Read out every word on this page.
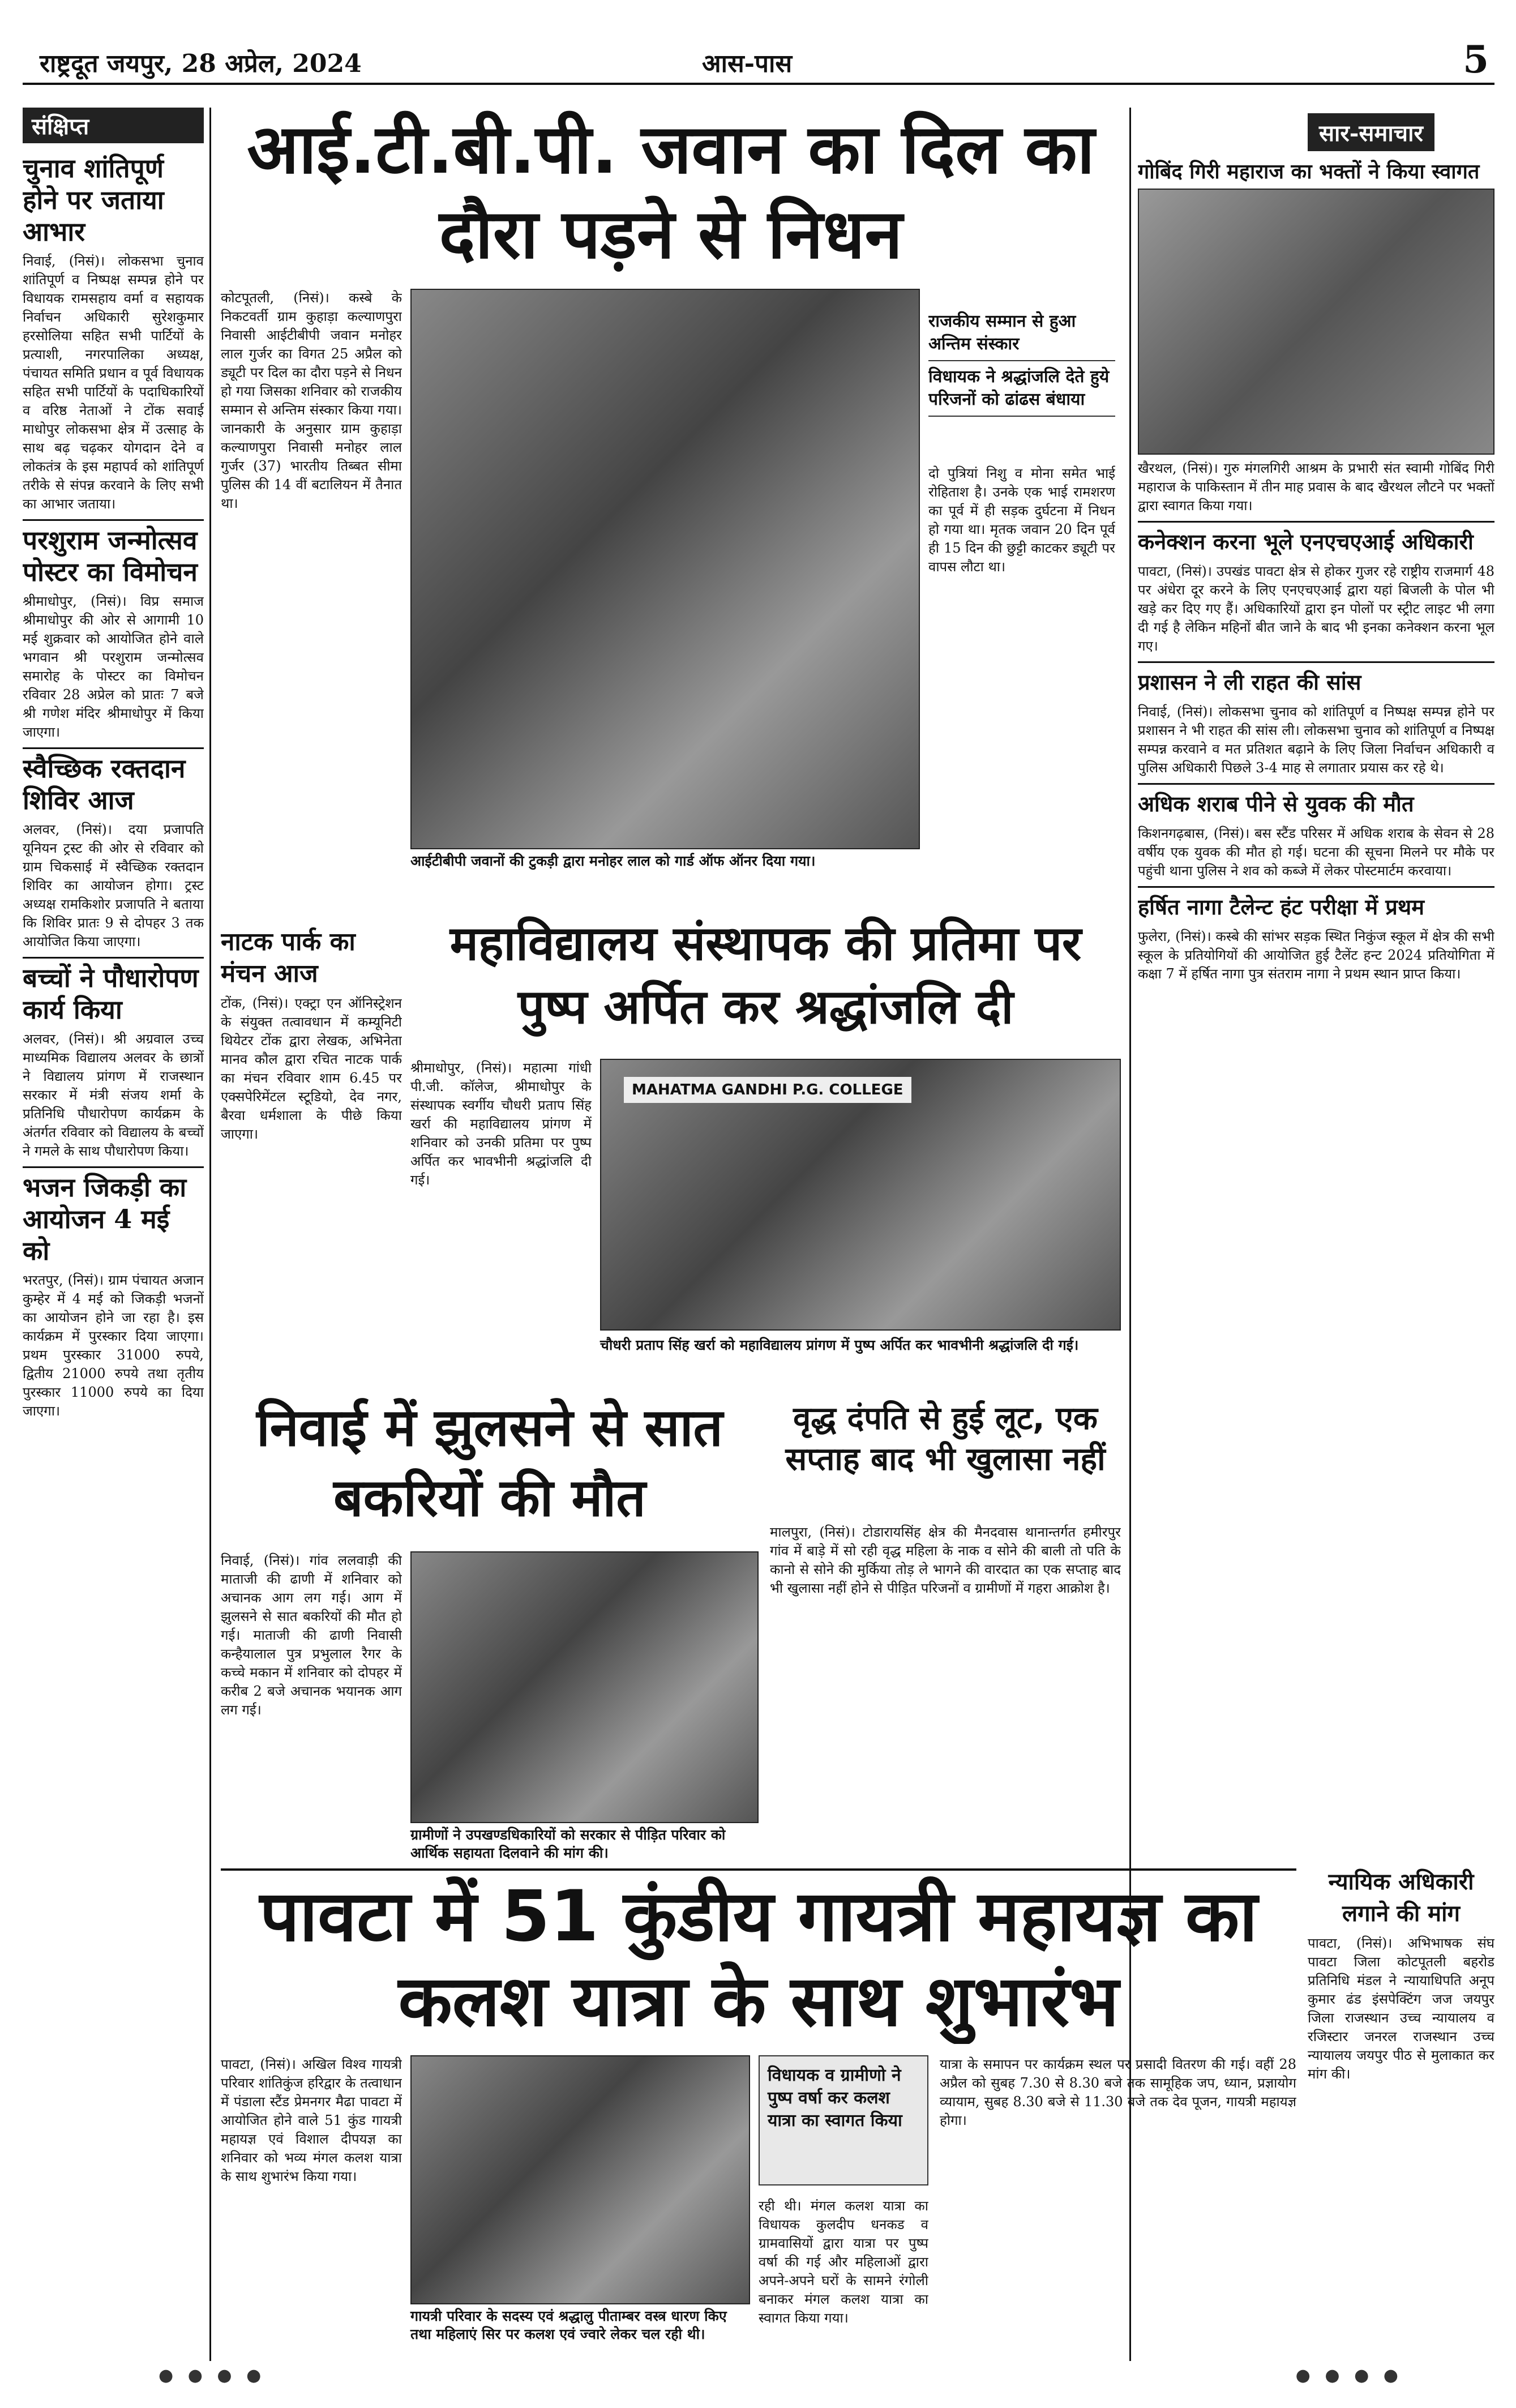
राष्ट्रदूत जयपुर, 28 अप्रेल, 2024	आस-पास	5
संक्षिप्त
चुनाव शांतिपूर्ण होने पर जताया आभार
निवाई, (निसं)। लोकसभा चुनाव शांतिपूर्ण व निष्पक्ष सम्पन्न होने पर विधायक रामसहाय वर्मा व सहायक निर्वाचन अधिकारी सुरेशकुमार हरसोलिया सहित सभी पार्टियों के प्रत्याशी, नगरपालिका अध्यक्ष, पंचायत समिति प्रधान व पूर्व विधायक सहित सभी पार्टियों के पदाधिकारियों व वरिष्ठ नेताओं ने टोंक सवाई माधोपुर लोकसभा क्षेत्र में उत्साह के साथ बढ़ चढ़कर योगदान देने व लोकतंत्र के इस महापर्व को शांतिपूर्ण तरीके से संपन्न करवाने के लिए सभी का आभार जताया।
परशुराम जन्मोत्सव पोस्टर का विमोचन
श्रीमाधोपुर, (निसं)। विप्र समाज श्रीमाधोपुर की ओर से आगामी 10 मई शुक्रवार को आयोजित होने वाले भगवान श्री परशुराम जन्मोत्सव समारोह के पोस्टर का विमोचन रविवार 28 अप्रेल को प्रातः 7 बजे श्री गणेश मंदिर श्रीमाधोपुर में किया जाएगा।
स्वैच्छिक रक्तदान शिविर आज
अलवर, (निसं)। दया प्रजापति यूनियन ट्रस्ट की ओर से रविवार को ग्राम चिकसाई में स्वैच्छिक रक्तदान शिविर का आयोजन होगा। ट्रस्ट अध्यक्ष रामकिशोर प्रजापति ने बताया कि शिविर प्रातः 9 से दोपहर 3 तक आयोजित किया जाएगा।
बच्चों ने पौधारोपण कार्य किया
अलवर, (निसं)। श्री अग्रवाल उच्च माध्यमिक विद्यालय अलवर के छात्रों ने विद्यालय प्रांगण में राजस्थान सरकार में मंत्री संजय शर्मा के प्रतिनिधि पौधारोपण कार्यक्रम के अंतर्गत रविवार को विद्यालय के बच्चों ने गमले के साथ पौधारोपण किया।
भजन जिकड़ी का आयोजन 4 मई को
भरतपुर, (निसं)। ग्राम पंचायत अजान कुम्हेर में 4 मई को जिकड़ी भजनों का आयोजन होने जा रहा है। इस कार्यक्रम में पुरस्कार दिया जाएगा। प्रथम पुरस्कार 31000 रुपये, द्वितीय 21000 रुपये तथा तृतीय पुरस्कार 11000 रुपये का दिया जाएगा।
आई.टी.बी.पी. जवान का दिल का दौरा पड़ने से निधन
कोटपूतली, (निसं)। कस्बे के निकटवर्ती ग्राम कुहाड़ा कल्याणपुरा निवासी आईटीबीपी जवान मनोहर लाल गुर्जर का विगत 25 अप्रैल को ड्यूटी पर दिल का दौरा पड़ने से निधन हो गया जिसका शनिवार को राजकीय सम्मान से अन्तिम संस्कार किया गया। जानकारी के अनुसार ग्राम कुहाड़ा कल्याणपुरा निवासी मनोहर लाल गुर्जर (37) भारतीय तिब्बत सीमा पुलिस की 14 वीं बटालियन में तैनात था।
आईटीबीपी जवानों की टुकड़ी द्वारा मनोहर लाल को गार्ड ऑफ ऑनर दिया गया।
राजकीय सम्मान से हुआ अन्तिम संस्कार
विधायक ने श्रद्धांजलि देते हुये परिजनों को ढांढस बंधाया
दो पुत्रियां निशु व मोना समेत भाई रोहिताश है। उनके एक भाई रामशरण का पूर्व में ही सड़क दुर्घटना में निधन हो गया था। मृतक जवान 20 दिन पूर्व ही 15 दिन की छुट्टी काटकर ड्यूटी पर वापस लौटा था।
सार-समाचार
गोबिंद गिरी महाराज का भक्तों ने किया स्वागत
खैरथल, (निसं)। गुरु मंगलगिरी आश्रम के प्रभारी संत स्वामी गोबिंद गिरी महाराज के पाकिस्तान में तीन माह प्रवास के बाद खैरथल लौटने पर भक्तों द्वारा स्वागत किया गया।
कनेक्शन करना भूले एनएचएआई अधिकारी
पावटा, (निसं)। उपखंड पावटा क्षेत्र से होकर गुजर रहे राष्ट्रीय राजमार्ग 48 पर अंधेरा दूर करने के लिए एनएचएआई द्वारा यहां बिजली के पोल भी खड़े कर दिए गए हैं। अधिकारियों द्वारा इन पोलों पर स्ट्रीट लाइट भी लगा दी गई है लेकिन महिनों बीत जाने के बाद भी इनका कनेक्शन करना भूल गए।
प्रशासन ने ली राहत की सांस
निवाई, (निसं)। लोकसभा चुनाव को शांतिपूर्ण व निष्पक्ष सम्पन्न होने पर प्रशासन ने भी राहत की सांस ली। लोकसभा चुनाव को शांतिपूर्ण व निष्पक्ष सम्पन्न करवाने व मत प्रतिशत बढ़ाने के लिए जिला निर्वाचन अधिकारी व पुलिस अधिकारी पिछले 3-4 माह से लगातार प्रयास कर रहे थे।
अधिक शराब पीने से युवक की मौत
किशनगढ़बास, (निसं)। बस स्टैंड परिसर में अधिक शराब के सेवन से 28 वर्षीय एक युवक की मौत हो गई। घटना की सूचना मिलने पर मौके पर पहुंची थाना पुलिस ने शव को कब्जे में लेकर पोस्टमार्टम करवाया।
हर्षित नागा टैलेन्ट हंट परीक्षा में प्रथम
फुलेरा, (निसं)। कस्बे की सांभर सड़क स्थित निकुंज स्कूल में क्षेत्र की सभी स्कूल के प्रतियोगियों की आयोजित हुई टैलेंट हन्ट 2024 प्रतियोगिता में कक्षा 7 में हर्षित नागा पुत्र संतराम नागा ने प्रथम स्थान प्राप्त किया।
न्यायिक अधिकारी लगाने की मांग
पावटा, (निसं)। अभिभाषक संघ पावटा जिला कोटपूतली बहरोड प्रतिनिधि मंडल ने न्यायाधिपति अनूप कुमार ढंड इंसपेक्टिंग जज जयपुर जिला राजस्थान उच्च न्यायालय व रजिस्टार जनरल राजस्थान उच्च न्यायालय जयपुर पीठ से मुलाकात कर मांग की।
नाटक पार्क का मंचन आज
टोंक, (निसं)। एक्ट्रा एन ऑनिस्ट्रेशन के संयुक्त तत्वावधान में कम्यूनिटी थियेटर टोंक द्वारा लेखक, अभिनेता मानव कौल द्वारा रचित नाटक पार्क का मंचन रविवार शाम 6.45 पर एक्सपेरिमेंटल स्टूडियो, देव नगर, बैरवा धर्मशाला के पीछे किया जाएगा।
महाविद्यालय संस्थापक की प्रतिमा पर पुष्प अर्पित कर श्रद्धांजलि दी
श्रीमाधोपुर, (निसं)। महात्मा गांधी पी.जी. कॉलेज, श्रीमाधोपुर के संस्थापक स्वर्गीय चौधरी प्रताप सिंह खर्रा की महाविद्यालय प्रांगण में शनिवार को उनकी प्रतिमा पर पुष्प अर्पित कर भावभीनी श्रद्धांजलि दी गई।
MAHATMA GANDHI P.G. COLLEGE
चौधरी प्रताप सिंह खर्रा को महाविद्यालय प्रांगण में पुष्प अर्पित कर भावभीनी श्रद्धांजलि दी गई।
निवाई में झुलसने से सात बकरियों की मौत
निवाई, (निसं)। गांव ललवाड़ी की माताजी की ढाणी में शनिवार को अचानक आग लग गई। आग में झुलसने से सात बकरियों की मौत हो गई। माताजी की ढाणी निवासी कन्हैयालाल पुत्र प्रभुलाल रैगर के कच्चे मकान में शनिवार को दोपहर में करीब 2 बजे अचानक भयानक आग लग गई।
ग्रामीणों ने उपखण्डधिकारियों को सरकार से पीड़ित परिवार को आर्थिक सहायता दिलवाने की मांग की।
वृद्ध दंपति से हुई लूट, एक सप्ताह बाद भी खुलासा नहीं
मालपुरा, (निसं)। टोडारायसिंह क्षेत्र की मैनदवास थानान्तर्गत हमीरपुर गांव में बाड़े में सो रही वृद्ध महिला के नाक व सोने की बाली तो पति के कानो से सोने की मुर्किया तोड़ ले भागने की वारदात का एक सप्ताह बाद भी खुलासा नहीं होने से पीड़ित परिजनों व ग्रामीणों में गहरा आक्रोश है।
पावटा में 51 कुंडीय गायत्री महायज्ञ का कलश यात्रा के साथ शुभारंभ
पावटा, (निसं)। अखिल विश्व गायत्री परिवार शांतिकुंज हरिद्वार के तत्वाधान में पंडाला स्टैंड प्रेमनगर मैढा पावटा में आयोजित होने वाले 51 कुंड गायत्री महायज्ञ एवं विशाल दीपयज्ञ का शनिवार को भव्य मंगल कलश यात्रा के साथ शुभारंभ किया गया।
गायत्री परिवार के सदस्य एवं श्रद्धालु पीताम्बर वस्त्र धारण किए तथा महिलाएं सिर पर कलश एवं ज्वारे लेकर चल रही थी।
विधायक व ग्रामीणो ने पुष्प वर्षा कर कलश यात्रा का स्वागत किया
रही थी। मंगल कलश यात्रा का विधायक कुलदीप धनकड व ग्रामवासियों द्वारा यात्रा पर पुष्प वर्षा की गई और महिलाओं द्वारा अपने-अपने घरों के सामने रंगोली बनाकर मंगल कलश यात्रा का स्वागत किया गया।
यात्रा के समापन पर कार्यक्रम स्थल पर प्रसादी वितरण की गई। वहीं 28 अप्रैल को सुबह 7.30 से 8.30 बजे तक सामूहिक जप, ध्यान, प्रज्ञायोग व्यायाम, सुबह 8.30 बजे से 11.30 बजे तक देव पूजन, गायत्री महायज्ञ होगा।
● ● ● ●	● ● ● ●
